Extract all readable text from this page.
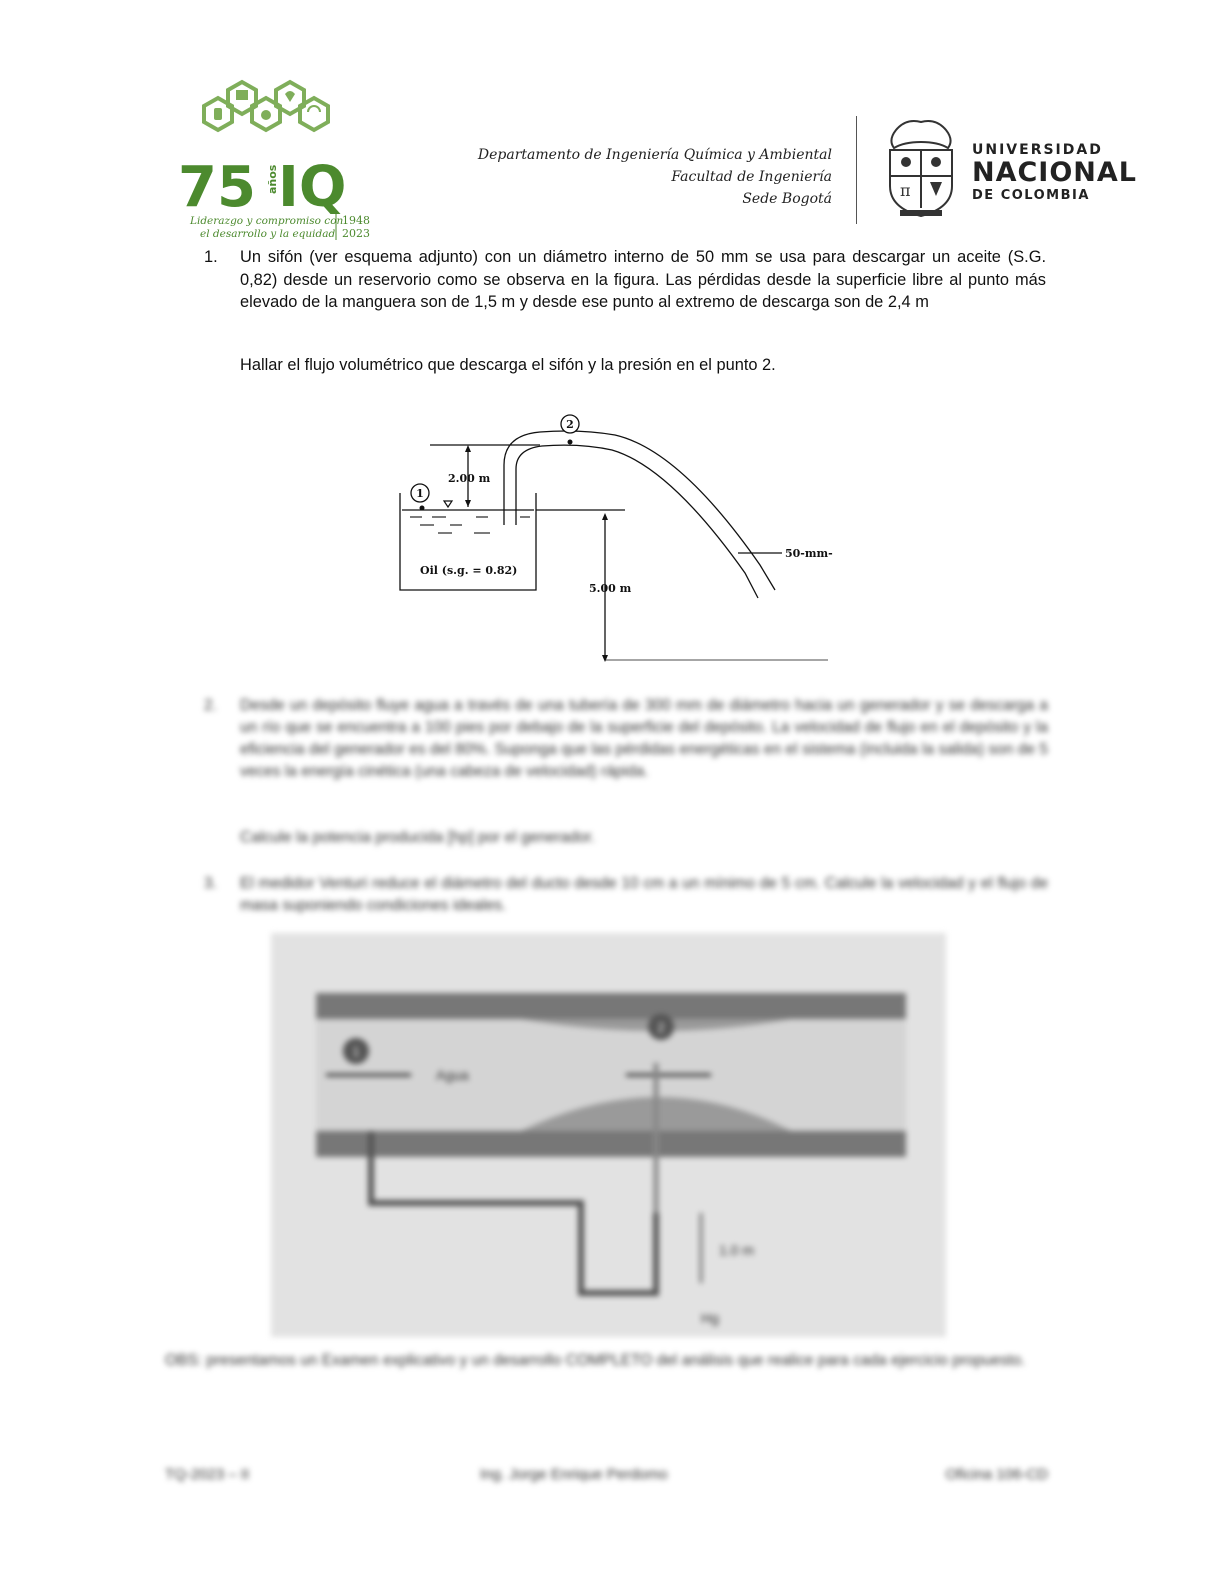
75 años IQ
Liderazgo y compromiso con
el desarrollo y la equidad
1948
2023
Departamento de Ingeniería Química y Ambiental
Facultad de Ingeniería
Sede Bogotá	π
UNIVERSIDAD
NACIONAL
DE COLOMBIA
1. Un sifón (ver esquema adjunto) con un diámetro interno de 50 mm se usa para descargar un aceite (S.G. 0,82) desde un reservorio como se observa en la figura. Las pérdidas desde la superficie libre al punto más elevado de la manguera son de 1,5 m y desde ese punto al extremo de descarga son de 2,4 m
Hallar el flujo volumétrico que descarga el sifón y la presión en el punto 2.
1
2
2.00 m
Oil (s.g. = 0.82)
5.00 m
50-mm-
2. Desde un depósito fluye agua a través de una tubería de 300 mm de diámetro hacia un generador y se descarga a un río que se encuentra a 100 pies por debajo de la superficie del depósito. La velocidad de flujo en el depósito y la eficiencia del generador es del 80%. Suponga que las pérdidas energéticas en el sistema (incluida la salida) son de 5 veces la energía cinética (una cabeza de velocidad) rápida.
Calcule la potencia producida [hp] por el generador.
3. El medidor Venturi reduce el diámetro del ducto desde 10 cm a un mínimo de 5 cm. Calcule la velocidad y el flujo de masa suponiendo condiciones ideales.
Agua
1
2
1.0 m
Hg
OBS: presentamos un Examen explicativo y un desarrollo COMPLETO del análisis que realice para cada ejercicio propuesto.
TQ-2023 – II	Ing. Jorge Enrique Perdomo	Oficina 106-CD
